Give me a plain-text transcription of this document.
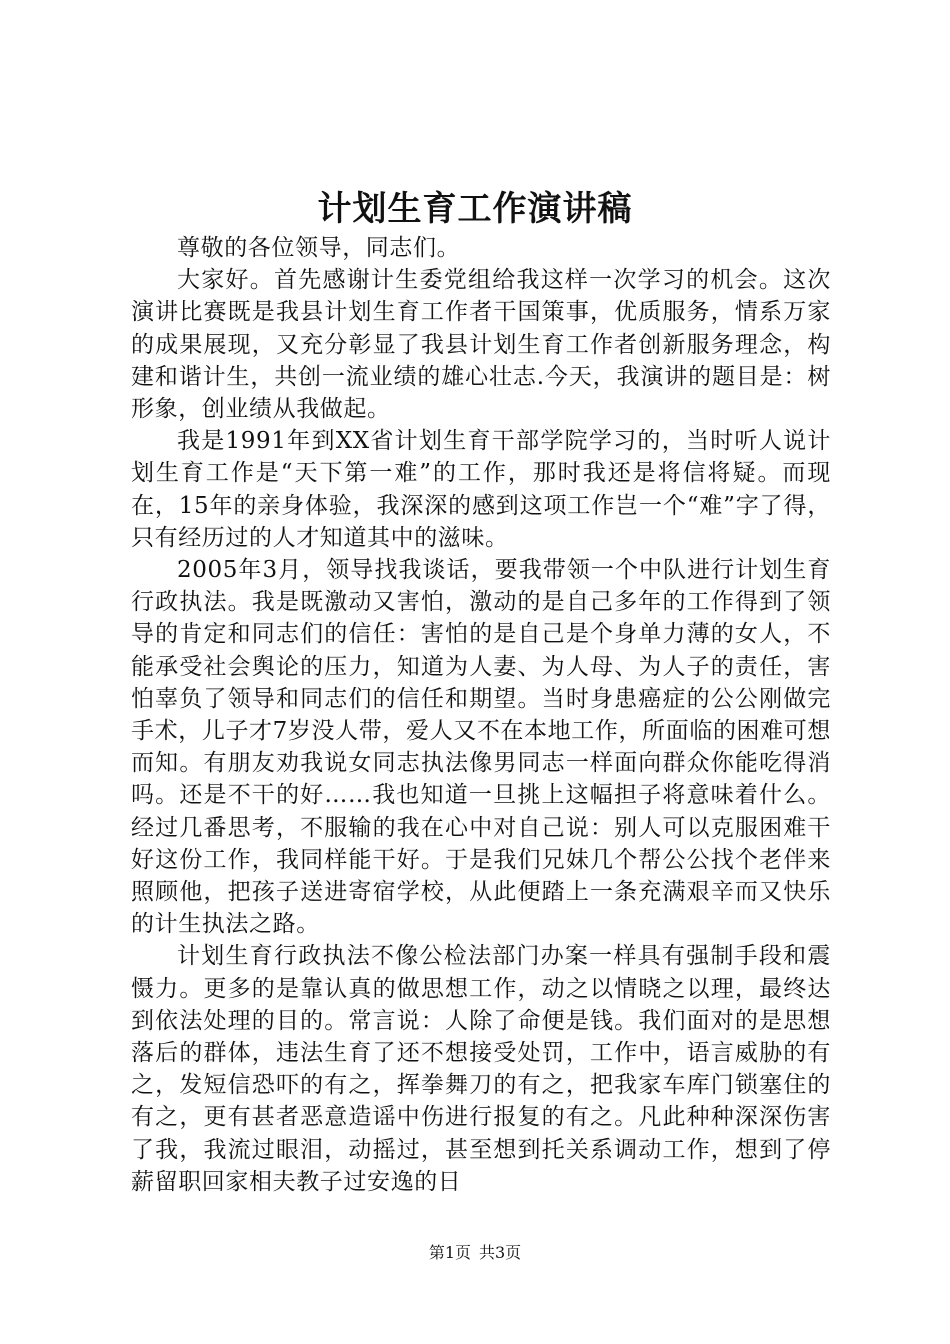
计划生育工作演讲稿

尊敬的各位领导，同志们。

大家好。首先感谢计生委党组给我这样一次学习的机会。这次演讲比赛既是我县计划生育工作者干国策事，优质服务，情系万家的成果展现，又充分彰显了我县计划生育工作者创新服务理念，构建和谐计生，共创一流业绩的雄心壮志.今天，我演讲的题目是：树形象，创业绩从我做起。

我是1991年到XX省计划生育干部学院学习的，当时听人说计划生育工作是“天下第一难”的工作，那时我还是将信将疑。而现在，15年的亲身体验，我深深的感到这项工作岂一个“难”字了得，只有经历过的人才知道其中的滋味。

2005年3月，领导找我谈话，要我带领一个中队进行计划生育行政执法。我是既激动又害怕，激动的是自己多年的工作得到了领导的肯定和同志们的信任：害怕的是自己是个身单力薄的女人，不能承受社会舆论的压力，知道为人妻、为人母、为人子的责任，害怕辜负了领导和同志们的信任和期望。当时身患癌症的公公刚做完手术，儿子才7岁没人带，爱人又不在本地工作，所面临的困难可想而知。有朋友劝我说女同志执法像男同志一样面向群众你能吃得消吗。还是不干的好……我也知道一旦挑上这幅担子将意味着什么。经过几番思考，不服输的我在心中对自己说：别人可以克服困难干好这份工作，我同样能干好。于是我们兄妹几个帮公公找个老伴来照顾他，把孩子送进寄宿学校，从此便踏上一条充满艰辛而又快乐的计生执法之路。

计划生育行政执法不像公检法部门办案一样具有强制手段和震慑力。更多的是靠认真的做思想工作，动之以情晓之以理，最终达到依法处理的目的。常言说：人除了命便是钱。我们面对的是思想落后的群体，违法生育了还不想接受处罚，工作中，语言威胁的有之，发短信恐吓的有之，挥拳舞刀的有之，把我家车库门锁塞住的有之，更有甚者恶意造谣中伤进行报复的有之。凡此种种深深伤害了我，我流过眼泪，动摇过，甚至想到托关系调动工作，想到了停薪留职回家相夫教子过安逸的日

第1页 共3页
